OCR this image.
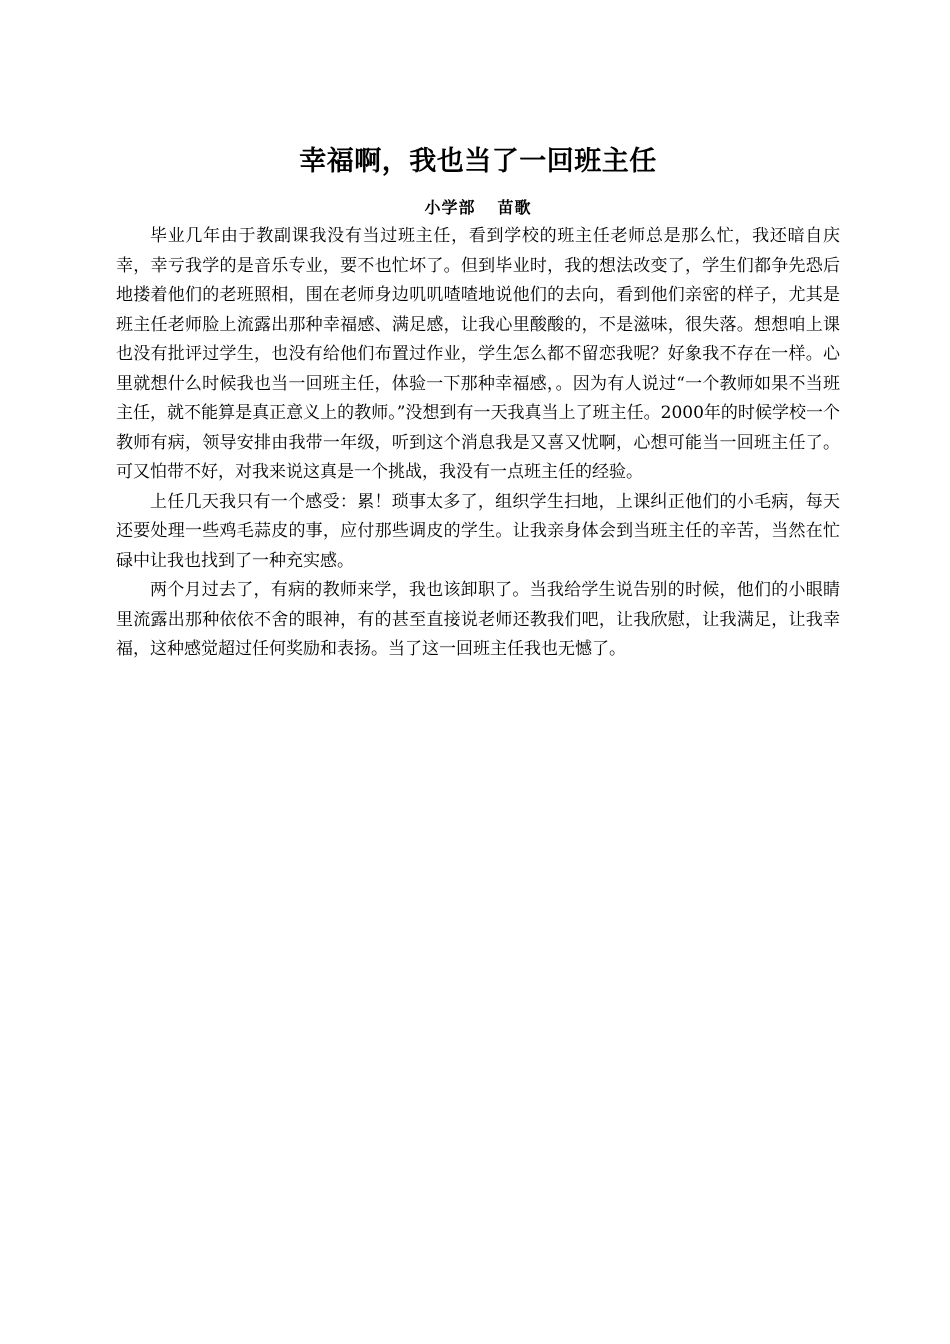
幸福啊，我也当了一回班主任
小学部 苗歌

毕业几年由于教副课我没有当过班主任，看到学校的班主任老师总是那么忙，我还暗自庆幸，幸亏我学的是音乐专业，要不也忙坏了。但到毕业时，我的想法改变了，学生们都争先恐后地搂着他们的老班照相，围在老师身边叽叽喳喳地说他们的去向，看到他们亲密的样子，尤其是班主任老师脸上流露出那种幸福感、满足感，让我心里酸酸的，不是滋味，很失落。想想咱上课也没有批评过学生，也没有给他们布置过作业，学生怎么都不留恋我呢？好象我不存在一样。心里就想什么时候我也当一回班主任，体验一下那种幸福感，。因为有人说过“一个教师如果不当班主任，就不能算是真正意义上的教师。”没想到有一天我真当上了班主任。2000年的时候学校一个教师有病，领导安排由我带一年级，听到这个消息我是又喜又忧啊，心想可能当一回班主任了。可又怕带不好，对我来说这真是一个挑战，我没有一点班主任的经验。

上任几天我只有一个感受：累！琐事太多了，组织学生扫地，上课纠正他们的小毛病，每天还要处理一些鸡毛蒜皮的事，应付那些调皮的学生。让我亲身体会到当班主任的辛苦，当然在忙碌中让我也找到了一种充实感。

两个月过去了，有病的教师来学，我也该卸职了。当我给学生说告别的时候，他们的小眼睛里流露出那种依依不舍的眼神，有的甚至直接说老师还教我们吧，让我欣慰，让我满足，让我幸福，这种感觉超过任何奖励和表扬。当了这一回班主任我也无憾了。
